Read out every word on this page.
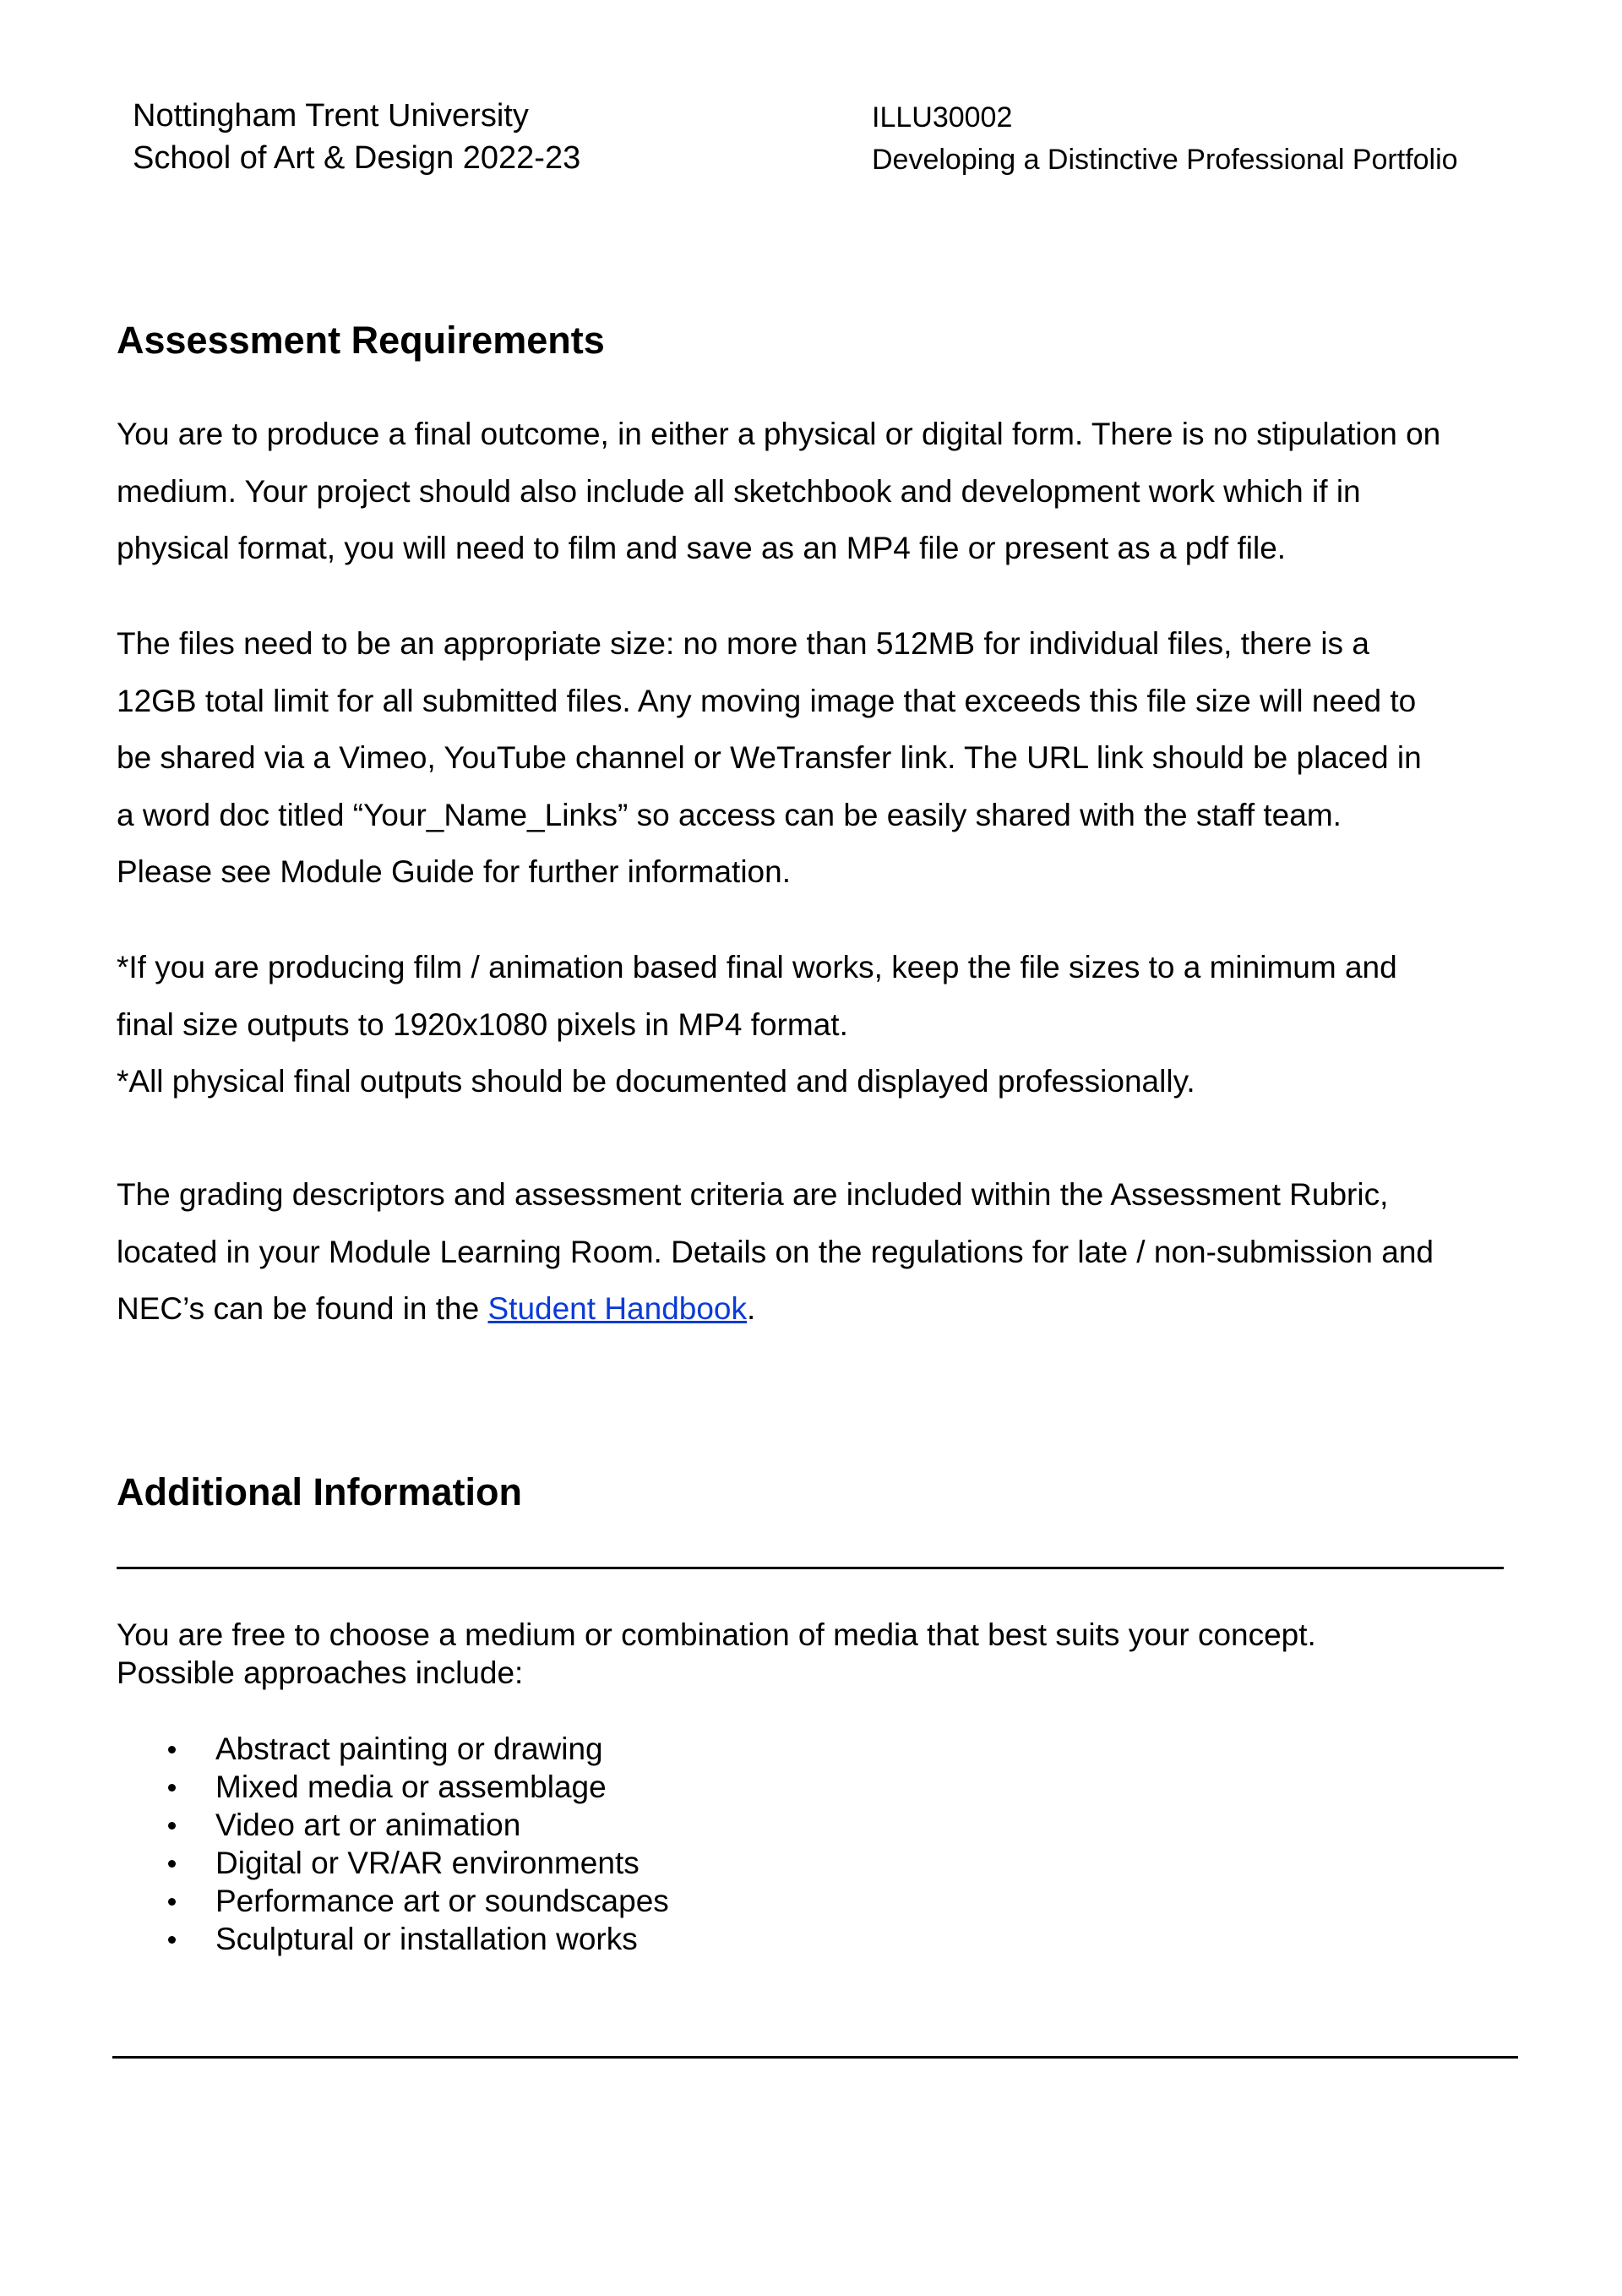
Nottingham Trent University
School of Art & Design 2022-23
ILLU30002
Developing a Distinctive Professional Portfolio
Assessment Requirements
You are to produce a final outcome, in either a physical or digital form. There is no stipulation on
medium. Your project should also include all sketchbook and development work which if in
physical format, you will need to film and save as an MP4 file or present as a pdf file.
The files need to be an appropriate size: no more than 512MB for individual files, there is a
12GB total limit for all submitted files. Any moving image that exceeds this file size will need to
be shared via a Vimeo, YouTube channel or WeTransfer link. The URL link should be placed in
a word doc titled “Your_Name_Links” so access can be easily shared with the staff team.
Please see Module Guide for further information.
*If you are producing film / animation based final works, keep the file sizes to a minimum and
final size outputs to 1920x1080 pixels in MP4 format.
*All physical final outputs should be documented and displayed professionally.
The grading descriptors and assessment criteria are included within the Assessment Rubric,
located in your Module Learning Room. Details on the regulations for late / non-submission and
NEC’s can be found in the Student Handbook.
Additional Information
You are free to choose a medium or combination of media that best suits your concept.
Possible approaches include:
Abstract painting or drawing
Mixed media or assemblage
Video art or animation
Digital or VR/AR environments
Performance art or soundscapes
Sculptural or installation works
